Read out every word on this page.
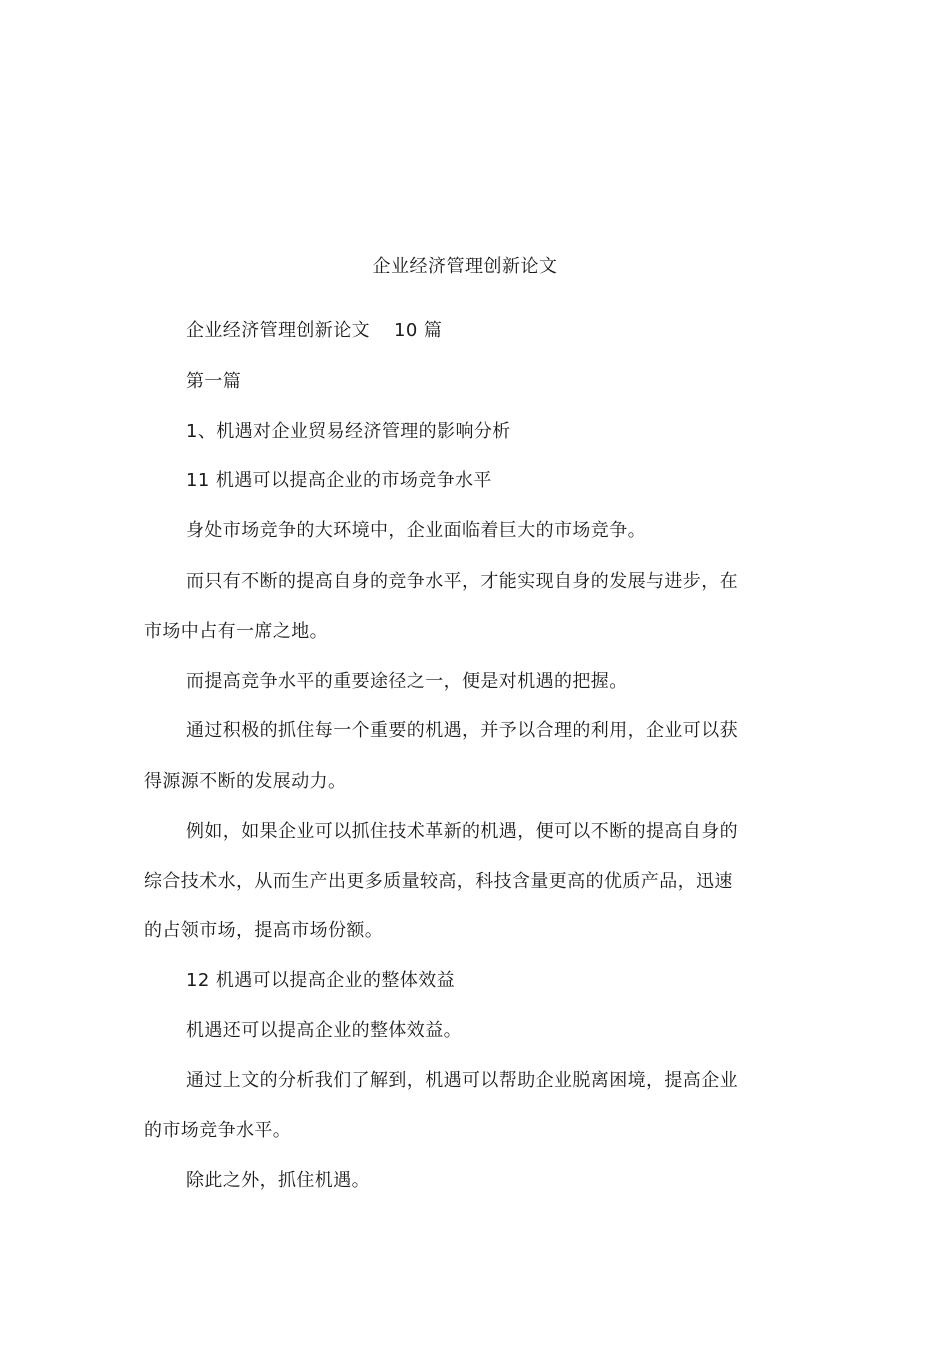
企业经济管理创新论文
企业经济管理创新论文 10 篇
第一篇
1、机遇对企业贸易经济管理的影响分析
11 机遇可以提高企业的市场竞争水平
身处市场竞争的大环境中，企业面临着巨大的市场竞争。
而只有不断的提高自身的竞争水平，才能实现自身的发展与进步，在
市场中占有一席之地。
而提高竞争水平的重要途径之一，便是对机遇的把握。
通过积极的抓住每一个重要的机遇，并予以合理的利用，企业可以获
得源源不断的发展动力。
例如，如果企业可以抓住技术革新的机遇，便可以不断的提高自身的
综合技术水，从而生产出更多质量较高，科技含量更高的优质产品，迅速
的占领市场，提高市场份额。
12 机遇可以提高企业的整体效益
机遇还可以提高企业的整体效益。
通过上文的分析我们了解到，机遇可以帮助企业脱离困境，提高企业
的市场竞争水平。
除此之外，抓住机遇。
